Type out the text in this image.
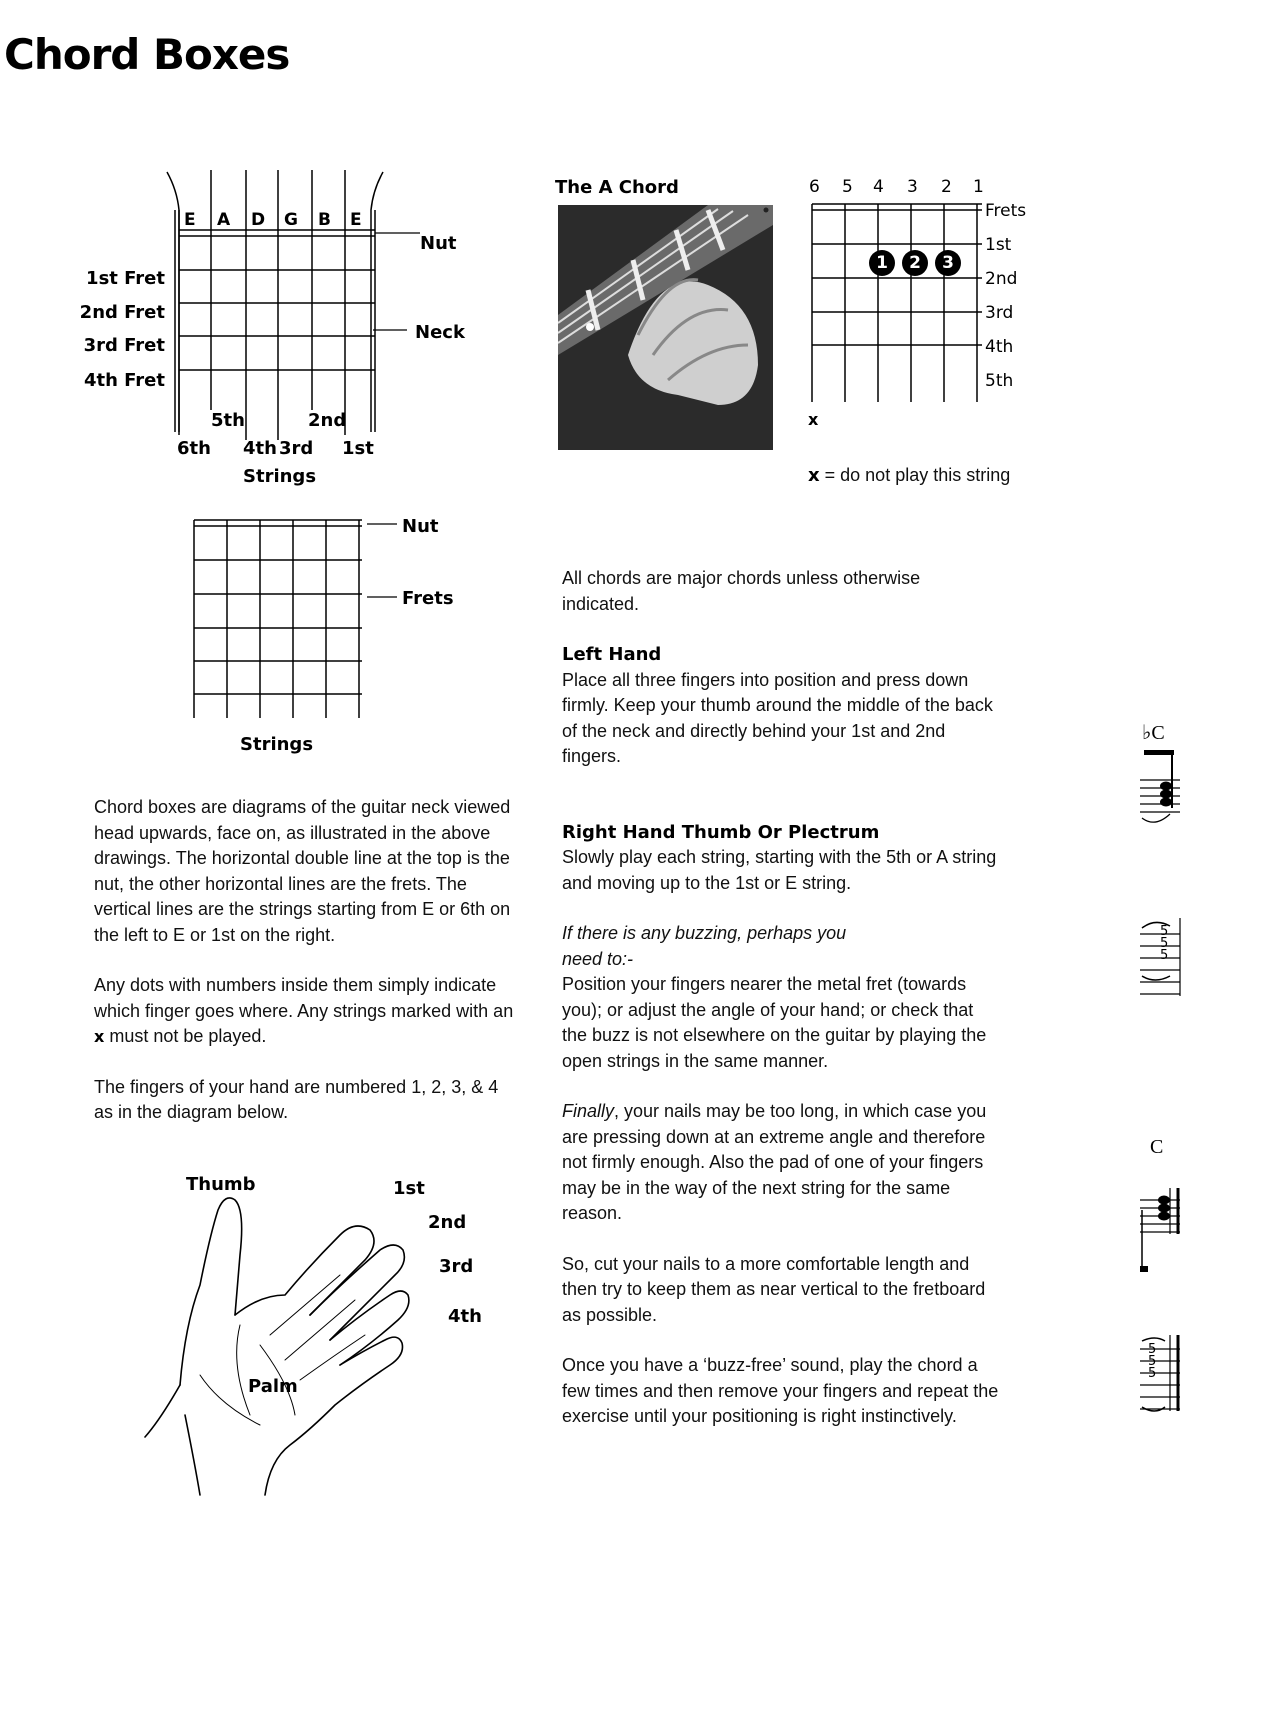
Chord Boxes
E A D G B E
Nut
Neck
1st Fret
2nd Fret
3rd Fret
4th Fret
5th	2nd
6th 4th 3rd 1st
Strings
The A Chord	6 5 4 3 2 1
1	2	3
Frets
1st
2nd
3rd
4th
5th
x
x = do not play this string
Nut
Frets
Strings

Chord boxes are diagrams of the guitar neck viewed head upwards, face on, as illustrated in the above drawings. The horizontal double line at the top is the nut, the other horizontal lines are the frets. The vertical lines are the strings starting from E or 6th on the left to E or 1st on the right.

Any dots with numbers inside them simply indicate which finger goes where. Any strings marked with an x must not be played.

The fingers of your hand are numbered 1, 2, 3, & 4 as in the diagram below.

Thumb
Palm
1st
2nd
3rd
4th

All chords are major chords unless otherwise indicated.

Left Hand

Place all three fingers into position and press down firmly. Keep your thumb around the middle of the back of the neck and directly behind your 1st and 2nd fingers.

Right Hand Thumb Or Plectrum

Slowly play each string, starting with the 5th or A string and moving up to the 1st or E string.

If there is any buzzing, perhaps you need to:-

Position your fingers nearer the metal fret (towards you); or adjust the angle of your hand; or check that the buzz is not elsewhere on the guitar by playing the open strings in the same manner.

Finally, your nails may be too long, in which case you are pressing down at an extreme angle and therefore not firmly enough. Also the pad of one of your fingers may be in the way of the next string for the same reason.

So, cut your nails to a more comfortable length and then try to keep them as near vertical to the fretboard as possible.

Once you have a ‘buzz-free’ sound, play the chord a few times and then remove your fingers and repeat the exercise until your positioning is right instinctively.

♭C
5
5
5
C
5
5
5
